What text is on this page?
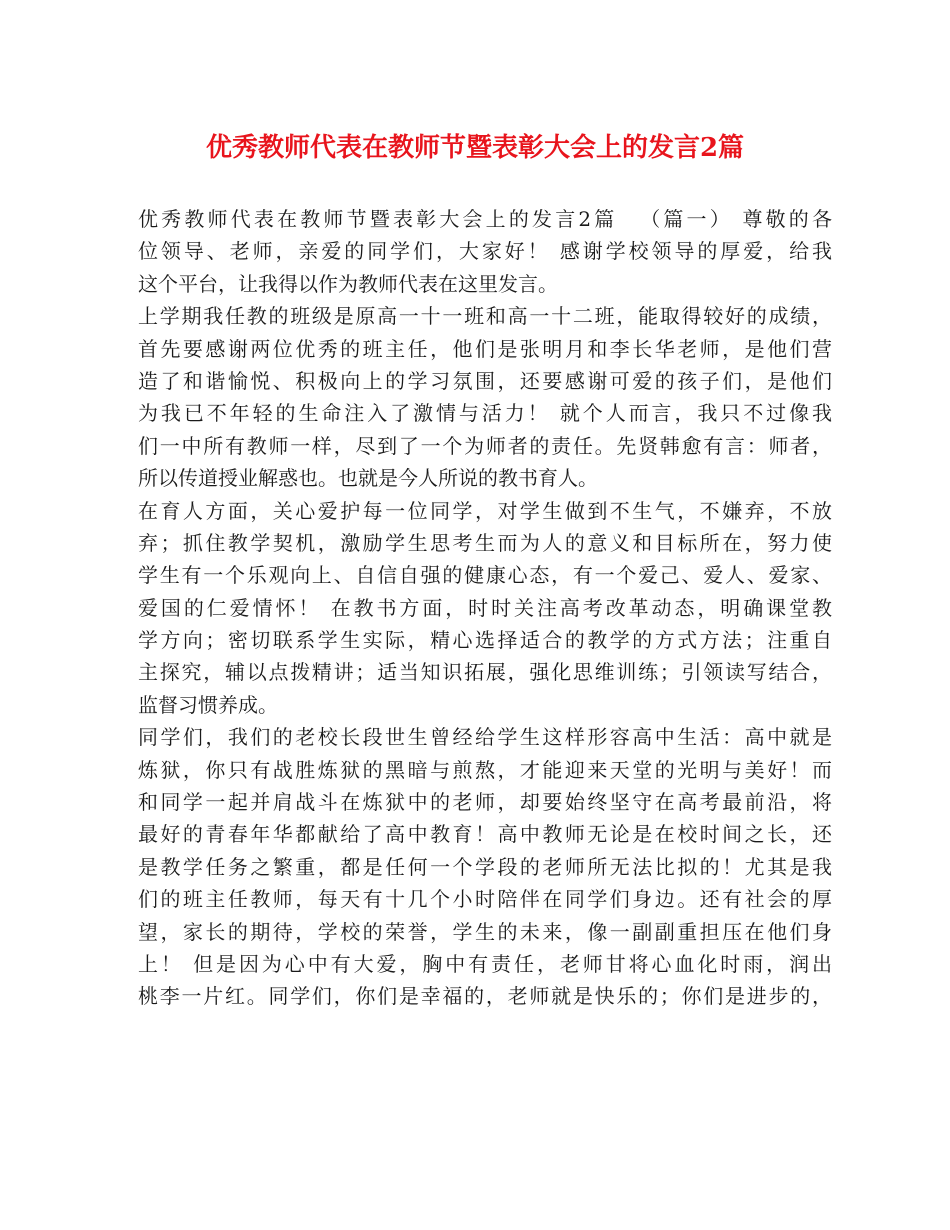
优秀教师代表在教师节暨表彰大会上的发言2篇
优秀教师代表在教师节暨表彰大会上的发言2篇 　（篇一） 尊敬的各
位领导、老师，亲爱的同学们，大家好！ 感谢学校领导的厚爱，给我
这个平台，让我得以作为教师代表在这里发言。
上学期我任教的班级是原高一十一班和高一十二班，能取得较好的成绩，
首先要感谢两位优秀的班主任，他们是张明月和李长华老师，是他们营
造了和谐愉悦、积极向上的学习氛围，还要感谢可爱的孩子们，是他们
为我已不年轻的生命注入了激情与活力！ 就个人而言，我只不过像我
们一中所有教师一样，尽到了一个为师者的责任。先贤韩愈有言：师者，
所以传道授业解惑也。也就是今人所说的教书育人。
在育人方面，关心爱护每一位同学，对学生做到不生气，不嫌弃，不放
弃；抓住教学契机，激励学生思考生而为人的意义和目标所在，努力使
学生有一个乐观向上、自信自强的健康心态，有一个爱己、爱人、爱家、
爱国的仁爱情怀！ 在教书方面，时时关注高考改革动态，明确课堂教
学方向；密切联系学生实际，精心选择适合的教学的方式方法；注重自
主探究，辅以点拨精讲；适当知识拓展，强化思维训练；引领读写结合，
监督习惯养成。
同学们，我们的老校长段世生曾经给学生这样形容高中生活：高中就是
炼狱，你只有战胜炼狱的黑暗与煎熬，才能迎来天堂的光明与美好！而
和同学一起并肩战斗在炼狱中的老师，却要始终坚守在高考最前沿，将
最好的青春年华都献给了高中教育！高中教师无论是在校时间之长，还
是教学任务之繁重，都是任何一个学段的老师所无法比拟的！尤其是我
们的班主任教师，每天有十几个小时陪伴在同学们身边。还有社会的厚
望，家长的期待，学校的荣誉，学生的未来，像一副副重担压在他们身
上！ 但是因为心中有大爱，胸中有责任，老师甘将心血化时雨，润出
桃李一片红。同学们，你们是幸福的，老师就是快乐的；你们是进步的，
